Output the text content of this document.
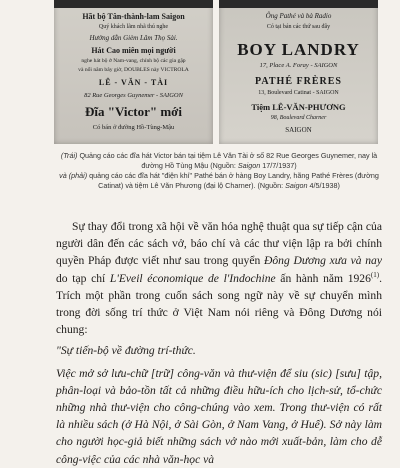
Hãt bộ Tân-thành-lam Saigon
Quý khách lãm nhã thú nghe
Hướng dẫn Gièm Lâm Thọ Sài.
Hát Cao miên mọi người
nghe hát bộ ở Nam-vang, chính bộ các gia gặp
và nổi năm bây giờ, DOUBLES này VICTROLA
LÊ - VĂN - TÀI
82 Rue Georges Guynemer - SAIGON
Đĩa "Victor" mới
Có bán ở đường Hồ-Tùng-Mậu
Ông Pathé và bà Radio
Có tại bán các thứ sau đây
BOY LANDRY
17, Place A. Foray - SAIGON
PATHÉ FRÈRES
13, Boulevard Catinat - SAIGON
Tiệm LÊ-VĂN-PHƯƠNG
98, Boulevard Charner
SAIGON
(Trái) Quảng cáo các đĩa hát Victor bán tại tiệm Lê Văn Tài ở số 82 Rue Georges Guynemer, nay là đường Hồ Tùng Mậu (Nguồn: Saigon 17/7/1937)
và (phải) quảng cáo các đĩa hát "điện khí" Pathé bán ở hàng Boy Landry, hãng Pathé Frères (đường Catinat) và tiệm Lê Văn Phương (đại lộ Charner). (Nguồn: Saigon 4/5/1938)

Sự thay đổi trong xã hội về văn hóa nghệ thuật qua sự tiếp cận của người dân đến các sách vở, báo chí và các thư viện lập ra bởi chính quyền Pháp được viết như sau trong quyển Đông Dương xưa và nay do tạp chí L'Eveil économique de l'Indochine ấn hành năm 1926$^{(1)}$. Trích một phần trong cuốn sách song ngữ này về sự chuyển mình trong đời sống trí thức ở Việt Nam nói riêng và Đông Dương nói chung:

"Sự tiến-bộ về đường trí-thức.

Việc mở sở lưu-chữ [trữ] công-văn và thư-viện để siu (sic) [sưu] tập, phân-loại và bảo-tồn tất cả những điều hữu-ích cho lịch-sử, tổ-chức những nhà thư-viện cho công-chúng vào xem. Trong thư-viện có rất là nhiều sách (ở Hà Nội, ở Sài Gòn, ở Nam Vang, ở Huế). Sở này làm cho người học-giả biết những sách vở nào mới xuất-bản, làm cho dễ công-việc của các nhà văn-học và
